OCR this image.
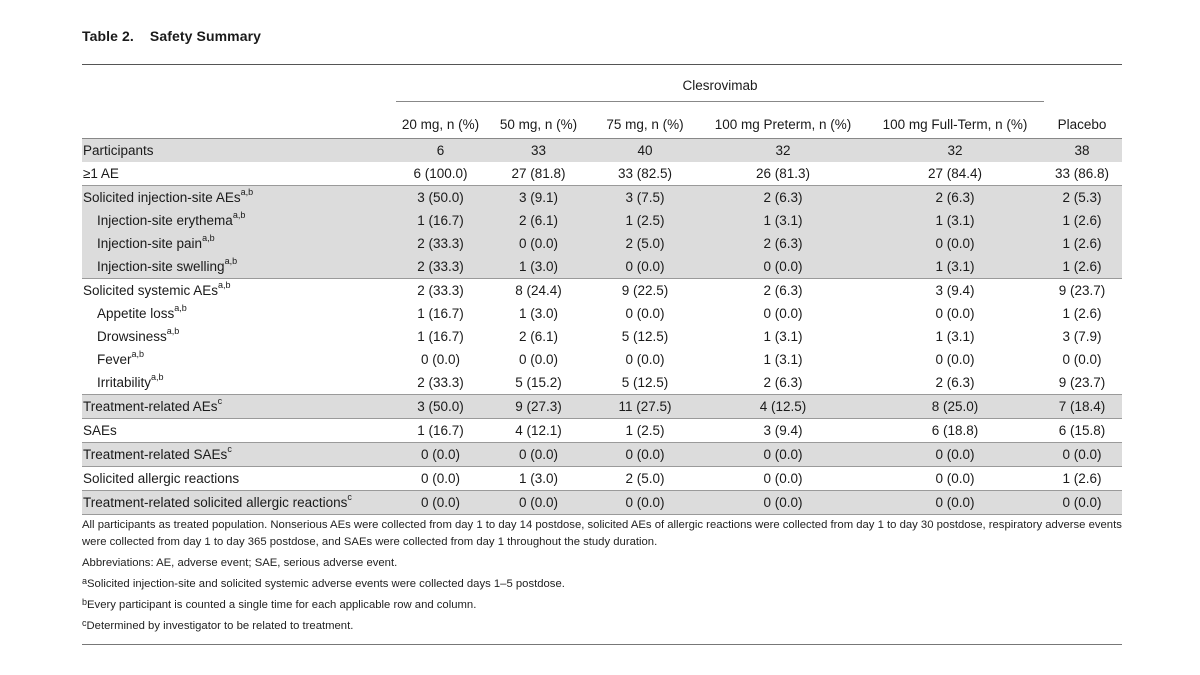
Table 2. Safety Summary
Clesrovimab
	20 mg, n (%)	50 mg, n (%)	75 mg, n (%)	100 mg Preterm, n (%)	100 mg Full-Term, n (%)	Placebo
Participants	6	33	40	32	32	38
≥1 AE	6 (100.0)	27 (81.8)	33 (82.5)	26 (81.3)	27 (84.4)	33 (86.8)
Solicited injection-site AEs$^{a,b}$	3 (50.0)	3 (9.1)	3 (7.5)	2 (6.3)	2 (6.3)	2 (5.3)
Injection-site erythema$^{a,b}$	1 (16.7)	2 (6.1)	1 (2.5)	1 (3.1)	1 (3.1)	1 (2.6)
Injection-site pain$^{a,b}$	2 (33.3)	0 (0.0)	2 (5.0)	2 (6.3)	0 (0.0)	1 (2.6)
Injection-site swelling$^{a,b}$	2 (33.3)	1 (3.0)	0 (0.0)	0 (0.0)	1 (3.1)	1 (2.6)
Solicited systemic AEs$^{a,b}$	2 (33.3)	8 (24.4)	9 (22.5)	2 (6.3)	3 (9.4)	9 (23.7)
Appetite loss$^{a,b}$	1 (16.7)	1 (3.0)	0 (0.0)	0 (0.0)	0 (0.0)	1 (2.6)
Drowsiness$^{a,b}$	1 (16.7)	2 (6.1)	5 (12.5)	1 (3.1)	1 (3.1)	3 (7.9)
Fever$^{a,b}$	0 (0.0)	0 (0.0)	0 (0.0)	1 (3.1)	0 (0.0)	0 (0.0)
Irritability$^{a,b}$	2 (33.3)	5 (15.2)	5 (12.5)	2 (6.3)	2 (6.3)	9 (23.7)
Treatment-related AEs$^c$	3 (50.0)	9 (27.3)	11 (27.5)	4 (12.5)	8 (25.0)	7 (18.4)
SAEs	1 (16.7)	4 (12.1)	1 (2.5)	3 (9.4)	6 (18.8)	6 (15.8)
Treatment-related SAEs$^c$	0 (0.0)	0 (0.0)	0 (0.0)	0 (0.0)	0 (0.0)	0 (0.0)
Solicited allergic reactions	0 (0.0)	1 (3.0)	2 (5.0)	0 (0.0)	0 (0.0)	1 (2.6)
Treatment-related solicited allergic reactions$^c$	0 (0.0)	0 (0.0)	0 (0.0)	0 (0.0)	0 (0.0)	0 (0.0)

All participants as treated population. Nonserious AEs were collected from day 1 to day 14 postdose, solicited AEs of allergic reactions were collected from day 1 to day 30 postdose, respiratory adverse events were collected from day 1 to day 365 postdose, and SAEs were collected from day 1 throughout the study duration.

Abbreviations: AE, adverse event; SAE, serious adverse event.

$^a$Solicited injection-site and solicited systemic adverse events were collected days 1–5 postdose.

$^b$Every participant is counted a single time for each applicable row and column.

$^c$Determined by investigator to be related to treatment.
